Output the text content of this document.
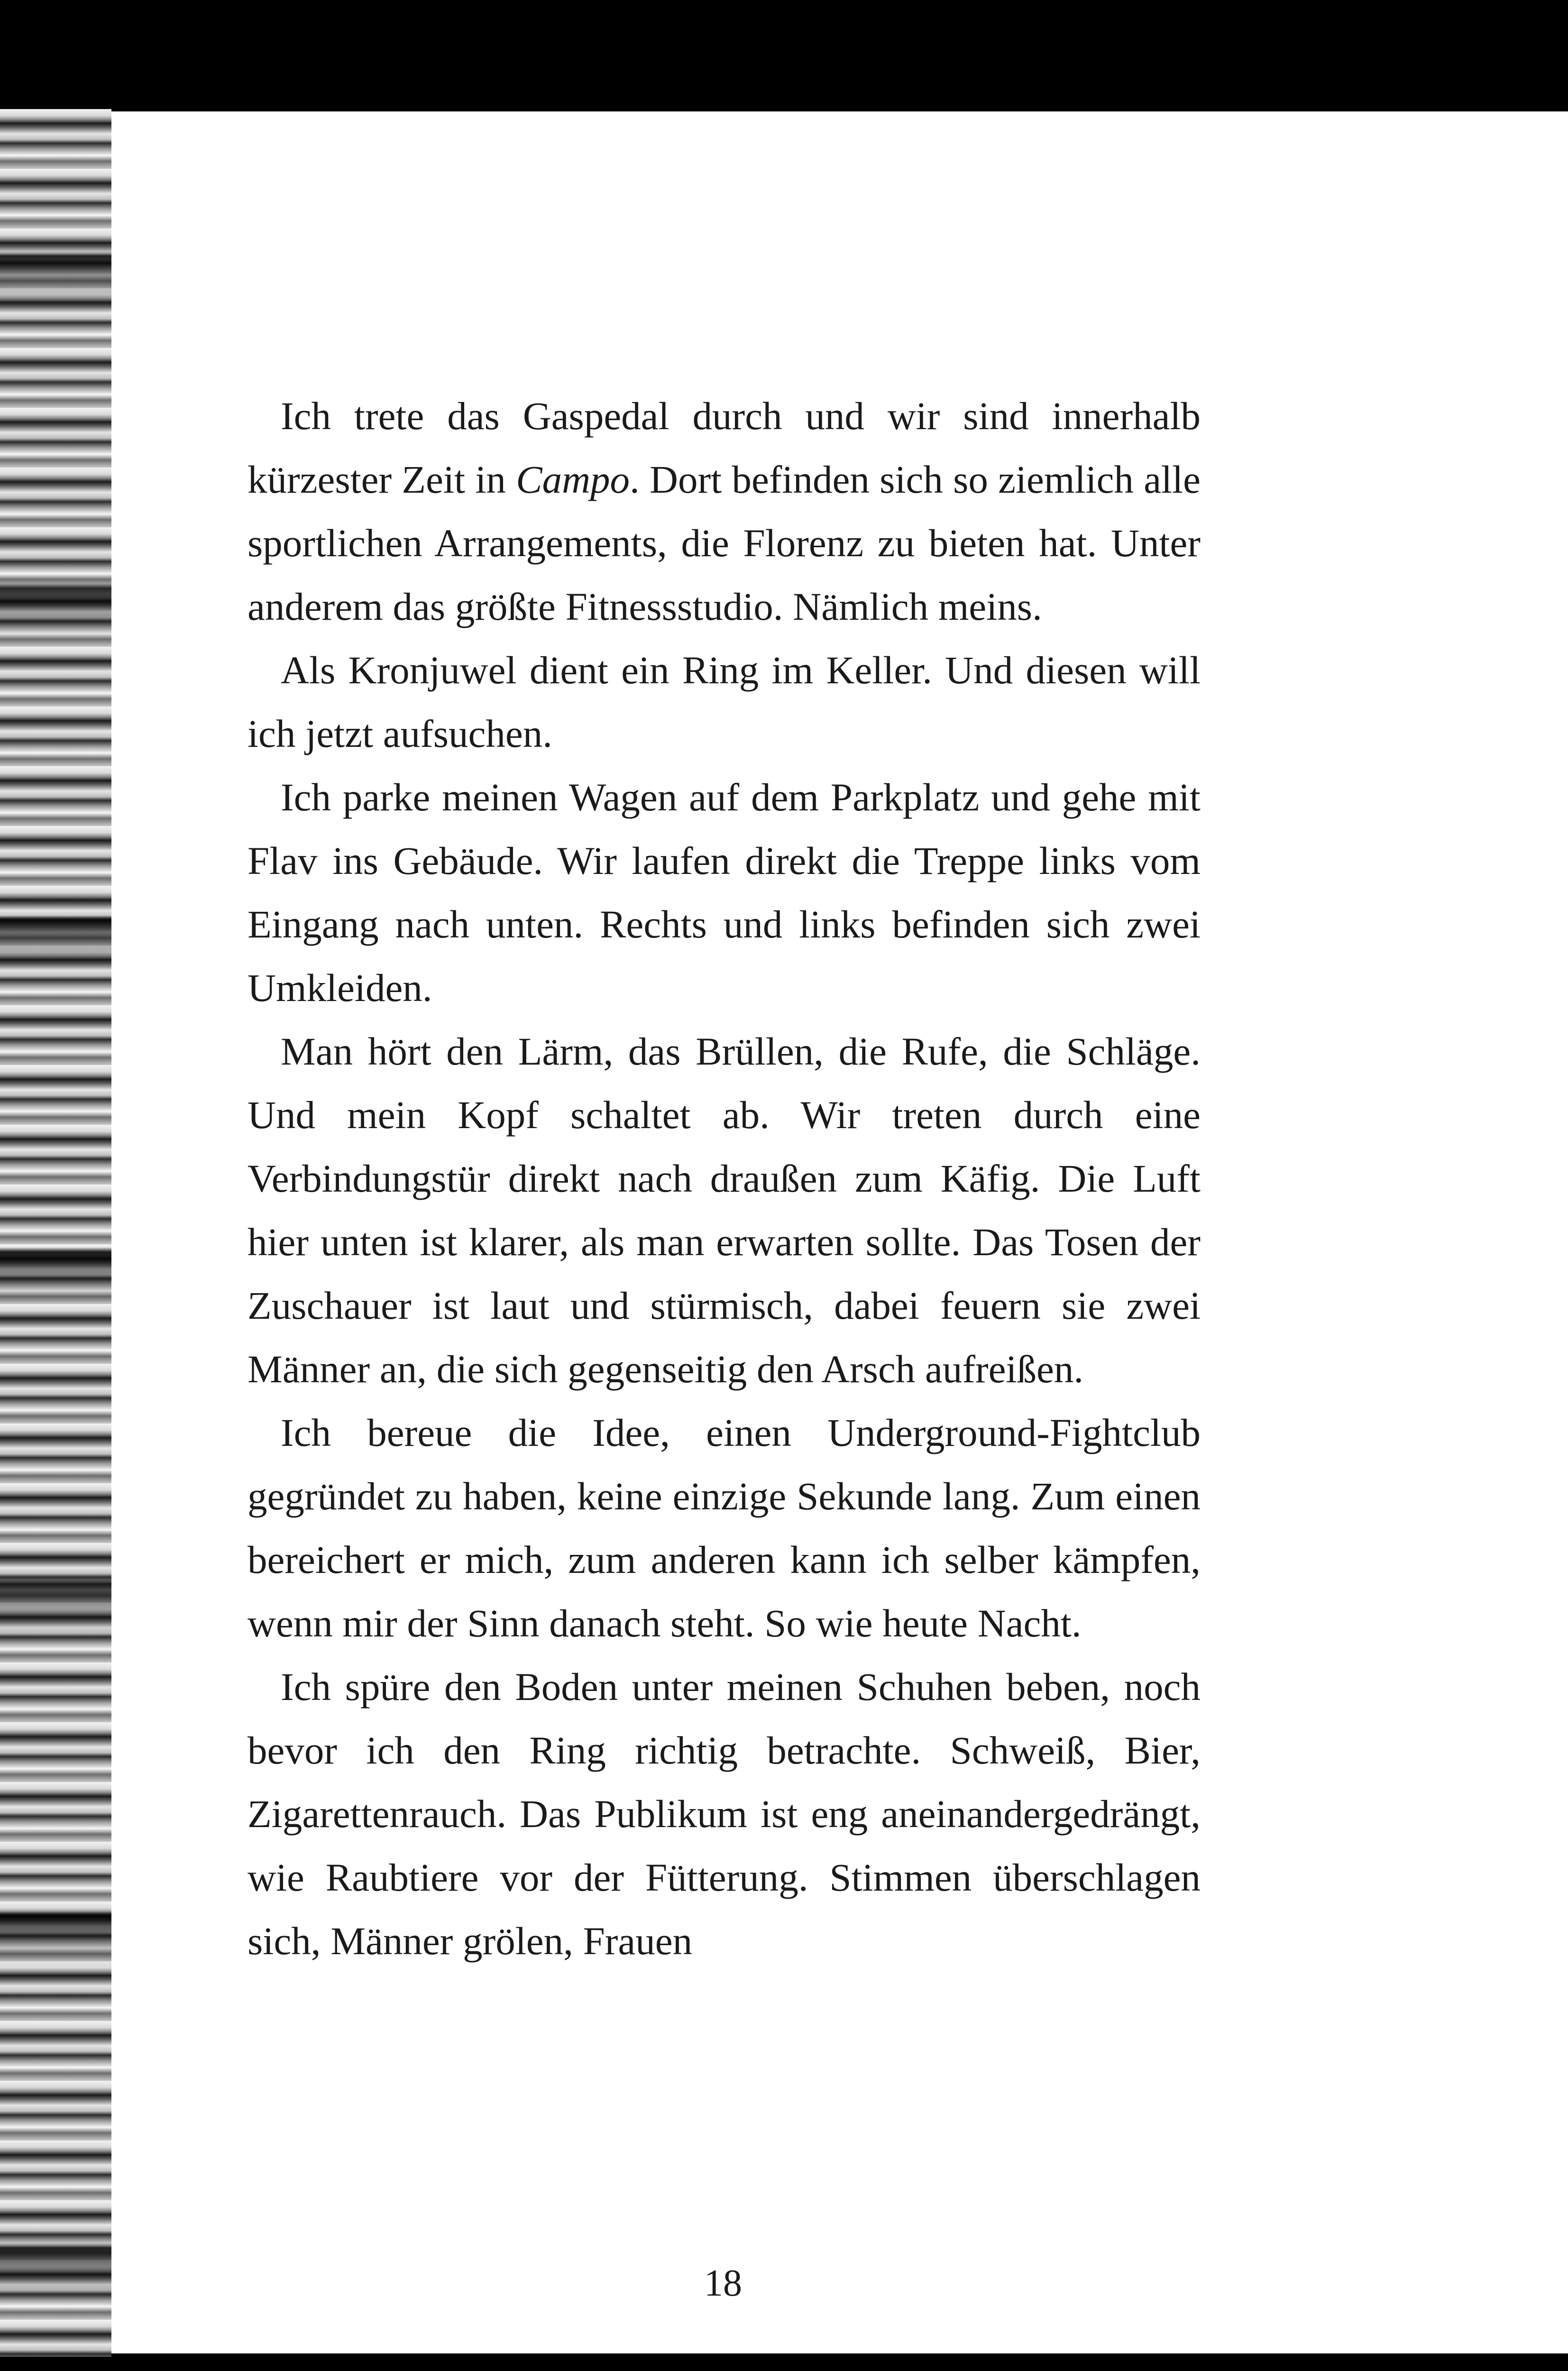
Ich trete das Gaspedal durch und wir sind innerhalb kürzester Zeit in Campo. Dort befinden sich so ziemlich alle sportlichen Arrangements, die Florenz zu bieten hat. Unter anderem das größte Fitnessstudio. Nämlich meins.

Als Kronjuwel dient ein Ring im Keller. Und diesen will ich jetzt aufsuchen.

Ich parke meinen Wagen auf dem Parkplatz und gehe mit Flav ins Gebäude. Wir laufen direkt die Treppe links vom Eingang nach unten. Rechts und links befinden sich zwei Umkleiden.

Man hört den Lärm, das Brüllen, die Rufe, die Schläge. Und mein Kopf schaltet ab. Wir treten durch eine Verbindungstür direkt nach draußen zum Käfig. Die Luft hier unten ist klarer, als man erwarten sollte. Das Tosen der Zuschauer ist laut und stürmisch, dabei feuern sie zwei Männer an, die sich gegenseitig den Arsch aufreißen.

Ich bereue die Idee, einen Underground-Fightclub gegründet zu haben, keine einzige Sekunde lang. Zum einen bereichert er mich, zum anderen kann ich selber kämpfen, wenn mir der Sinn danach steht. So wie heute Nacht.

Ich spüre den Boden unter meinen Schuhen beben, noch bevor ich den Ring richtig betrachte. Schweiß, Bier, Zigarettenrauch. Das Publikum ist eng aneinandergedrängt, wie Raubtiere vor der Fütterung. Stimmen überschlagen sich, Männer grölen, Frauen

18
